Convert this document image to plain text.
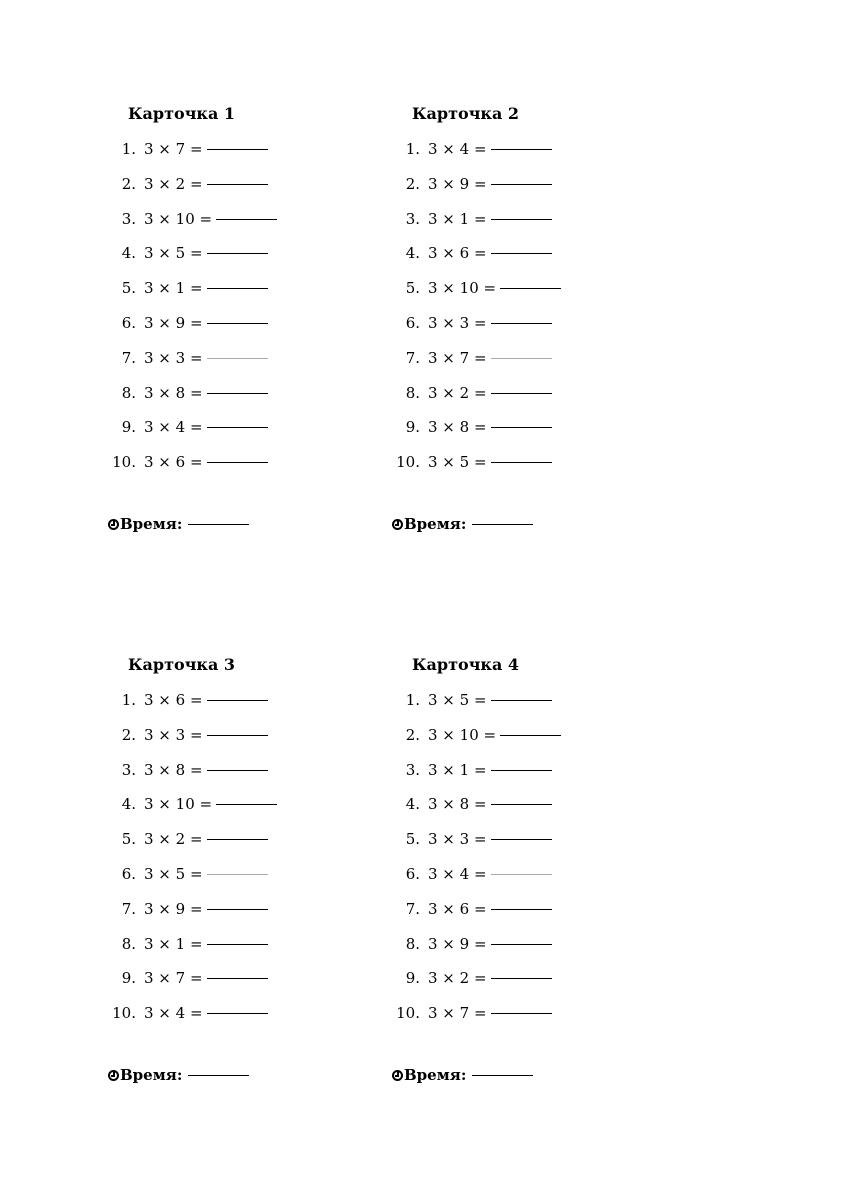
Карточка 1
1. 3 × 7 =
2. 3 × 2 =
3. 3 × 10 =
4. 3 × 5 =
5. 3 × 1 =
6. 3 × 9 =
7. 3 × 3 =
8. 3 × 8 =
9. 3 × 4 =
10. 3 × 6 =
Время:
Карточка 2
1. 3 × 4 =
2. 3 × 9 =
3. 3 × 1 =
4. 3 × 6 =
5. 3 × 10 =
6. 3 × 3 =
7. 3 × 7 =
8. 3 × 2 =
9. 3 × 8 =
10. 3 × 5 =
Время:
Карточка 3
1. 3 × 6 =
2. 3 × 3 =
3. 3 × 8 =
4. 3 × 10 =
5. 3 × 2 =
6. 3 × 5 =
7. 3 × 9 =
8. 3 × 1 =
9. 3 × 7 =
10. 3 × 4 =
Время:
Карточка 4
1. 3 × 5 =
2. 3 × 10 =
3. 3 × 1 =
4. 3 × 8 =
5. 3 × 3 =
6. 3 × 4 =
7. 3 × 6 =
8. 3 × 9 =
9. 3 × 2 =
10. 3 × 7 =
Время:
